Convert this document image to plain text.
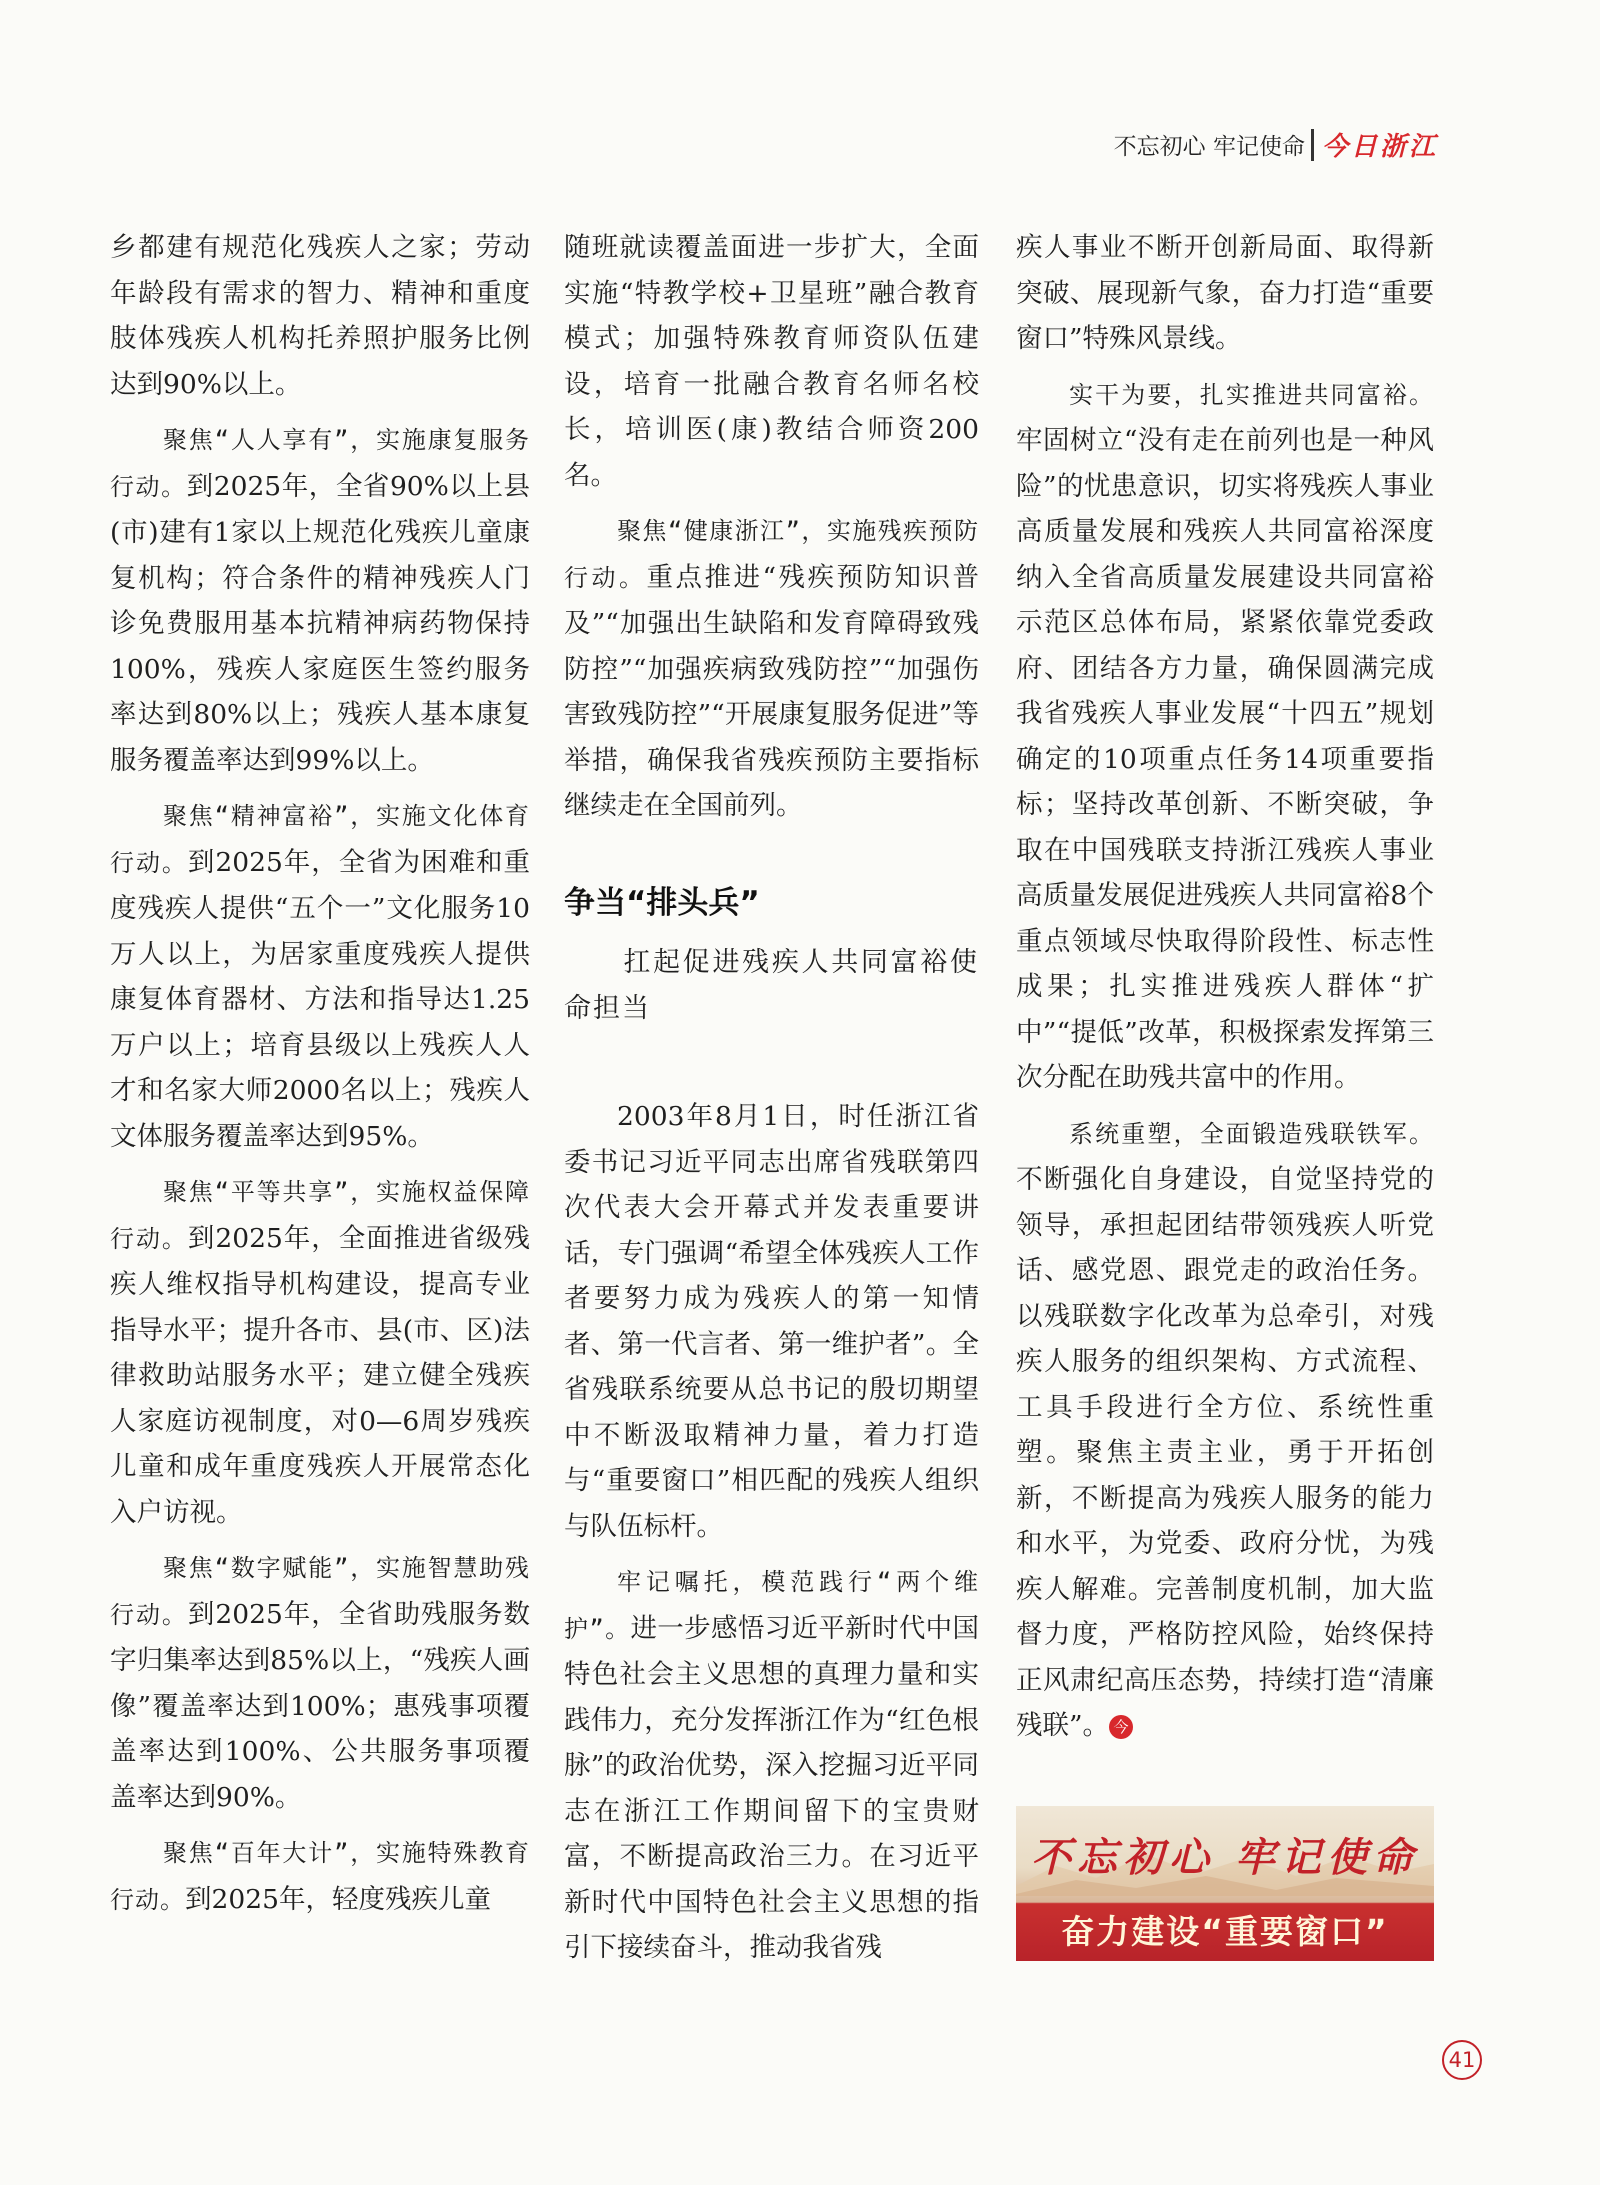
不忘初心 牢记使命 今日浙江

乡都建有规范化残疾人之家；劳动年龄段有需求的智力、精神和重度肢体残疾人机构托养照护服务比例达到90%以上。

聚焦“人人享有”，实施康复服务行动。到2025年，全省90%以上县(市)建有1家以上规范化残疾儿童康复机构；符合条件的精神残疾人门诊免费服用基本抗精神病药物保持100%，残疾人家庭医生签约服务率达到80%以上；残疾人基本康复服务覆盖率达到99%以上。

聚焦“精神富裕”，实施文化体育行动。到2025年，全省为困难和重度残疾人提供“五个一”文化服务10万人以上，为居家重度残疾人提供康复体育器材、方法和指导达1.25万户以上；培育县级以上残疾人人才和名家大师2000名以上；残疾人文体服务覆盖率达到95%。

聚焦“平等共享”，实施权益保障行动。到2025年，全面推进省级残疾人维权指导机构建设，提高专业指导水平；提升各市、县(市、区)法律救助站服务水平；建立健全残疾人家庭访视制度，对0—6周岁残疾儿童和成年重度残疾人开展常态化入户访视。

聚焦“数字赋能”，实施智慧助残行动。到2025年，全省助残服务数字归集率达到85%以上，“残疾人画像”覆盖率达到100%；惠残事项覆盖率达到100%、公共服务事项覆盖率达到90%。

聚焦“百年大计”，实施特殊教育行动。到2025年，轻度残疾儿童

随班就读覆盖面进一步扩大，全面实施“特教学校+卫星班”融合教育模式；加强特殊教育师资队伍建设，培育一批融合教育名师名校长，培训医(康)教结合师资200名。

聚焦“健康浙江”，实施残疾预防行动。重点推进“残疾预防知识普及”“加强出生缺陷和发育障碍致残防控”“加强疾病致残防控”“加强伤害致残防控”“开展康复服务促进”等举措，确保我省残疾预防主要指标继续走在全国前列。

争当“排头兵”
扛起促进残疾人共同富裕使命担当

2003年8月1日，时任浙江省委书记习近平同志出席省残联第四次代表大会开幕式并发表重要讲话，专门强调“希望全体残疾人工作者要努力成为残疾人的第一知情者、第一代言者、第一维护者”。全省残联系统要从总书记的殷切期望中不断汲取精神力量，着力打造与“重要窗口”相匹配的残疾人组织与队伍标杆。

牢记嘱托，模范践行“两个维护”。进一步感悟习近平新时代中国特色社会主义思想的真理力量和实践伟力，充分发挥浙江作为“红色根脉”的政治优势，深入挖掘习近平同志在浙江工作期间留下的宝贵财富，不断提高政治三力。在习近平新时代中国特色社会主义思想的指引下接续奋斗，推动我省残

疾人事业不断开创新局面、取得新突破、展现新气象，奋力打造“重要窗口”特殊风景线。

实干为要，扎实推进共同富裕。牢固树立“没有走在前列也是一种风险”的忧患意识，切实将残疾人事业高质量发展和残疾人共同富裕深度纳入全省高质量发展建设共同富裕示范区总体布局，紧紧依靠党委政府、团结各方力量，确保圆满完成我省残疾人事业发展“十四五”规划确定的10项重点任务14项重要指标；坚持改革创新、不断突破，争取在中国残联支持浙江残疾人事业高质量发展促进残疾人共同富裕8个重点领域尽快取得阶段性、标志性成果；扎实推进残疾人群体“扩中”“提低”改革，积极探索发挥第三次分配在助残共富中的作用。

系统重塑，全面锻造残联铁军。不断强化自身建设，自觉坚持党的领导，承担起团结带领残疾人听党话、感党恩、跟党走的政治任务。以残联数字化改革为总牵引，对残疾人服务的组织架构、方式流程、工具手段进行全方位、系统性重塑。聚焦主责主业，勇于开拓创新，不断提高为残疾人服务的能力和水平，为党委、政府分忧，为残疾人解难。完善制度机制，加大监督力度，严格防控风险，始终保持正风肃纪高压态势，持续打造“清廉残联”。 今

不忘初心 牢记使命
奋力建设“重要窗口”
41
